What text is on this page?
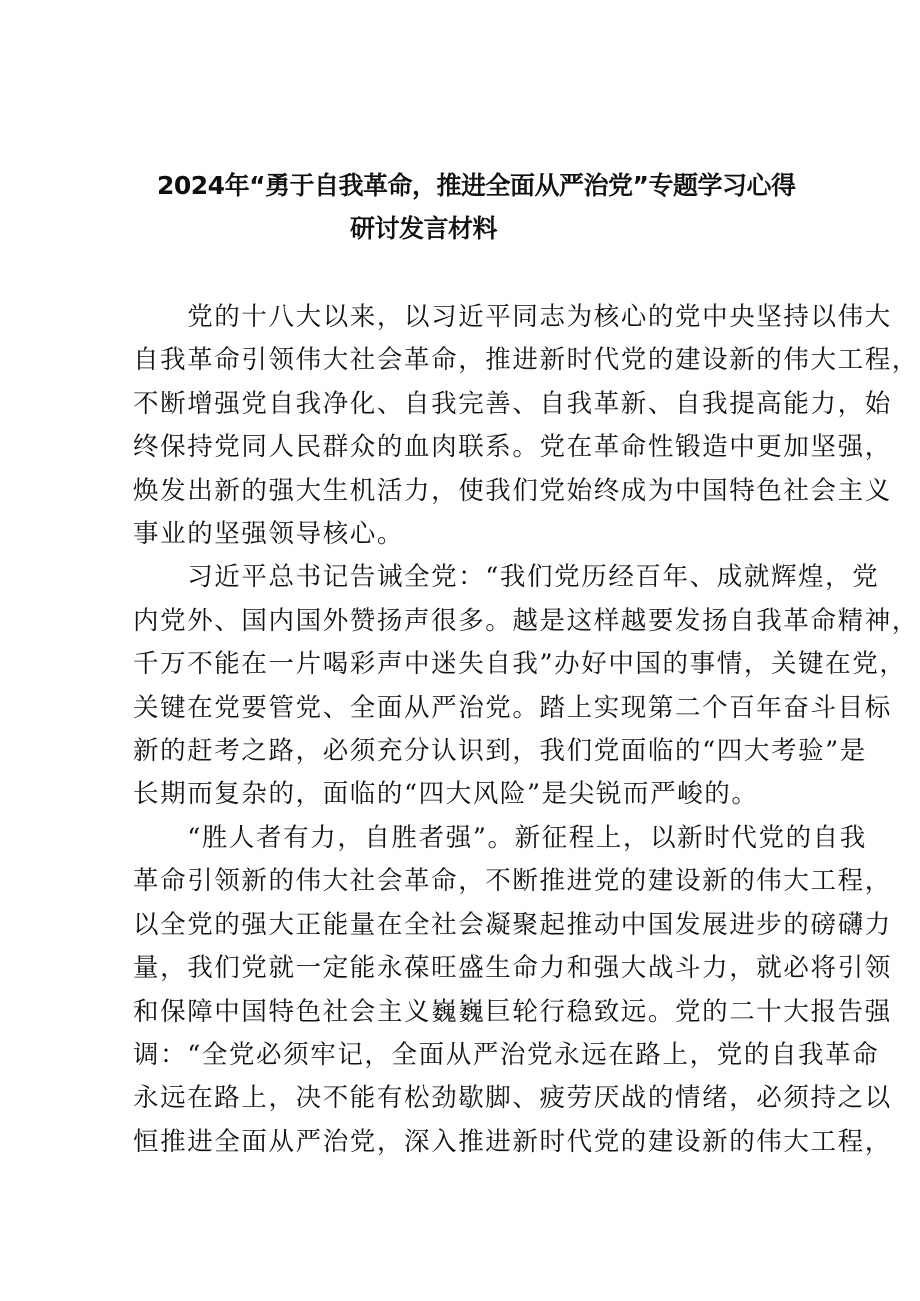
2024年“勇于自我革命，推进全面从严治党”专题学习心得
研讨发言材料
　　党的十八大以来，以习近平同志为核心的党中央坚持以伟大
自我革命引领伟大社会革命，推进新时代党的建设新的伟大工程，
不断增强党自我净化、自我完善、自我革新、自我提高能力，始
终保持党同人民群众的血肉联系。党在革命性锻造中更加坚强，
焕发出新的强大生机活力，使我们党始终成为中国特色社会主义
事业的坚强领导核心。
　　习近平总书记告诫全党：“我们党历经百年、成就辉煌，党
内党外、国内国外赞扬声很多。越是这样越要发扬自我革命精神，
千万不能在一片喝彩声中迷失自我”办好中国的事情，关键在党，
关键在党要管党、全面从严治党。踏上实现第二个百年奋斗目标
新的赶考之路，必须充分认识到，我们党面临的“四大考验”是
长期而复杂的，面临的“四大风险”是尖锐而严峻的。
　　“胜人者有力，自胜者强”。新征程上，以新时代党的自我
革命引领新的伟大社会革命，不断推进党的建设新的伟大工程，
以全党的强大正能量在全社会凝聚起推动中国发展进步的磅礴力
量，我们党就一定能永葆旺盛生命力和强大战斗力，就必将引领
和保障中国特色社会主义巍巍巨轮行稳致远。党的二十大报告强
调：“全党必须牢记，全面从严治党永远在路上，党的自我革命
永远在路上，决不能有松劲歇脚、疲劳厌战的情绪，必须持之以
恒推进全面从严治党，深入推进新时代党的建设新的伟大工程，
